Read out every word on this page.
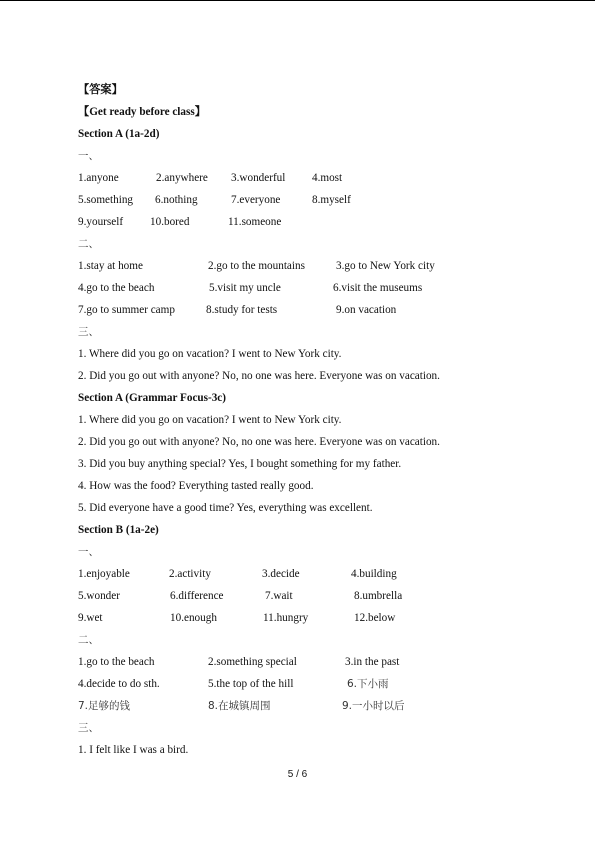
【答案】
【Get ready before class】
Section A (1a-2d)
一、
1.anyone	2.anywhere 3.wonderful 4.most
5.something 6.nothing	7.everyone	8.myself
9.yourself 10.bored	11.someone
二、
1.stay at home	2.go to the mountains	3.go to New York city
4.go to the beach	5.visit my uncle	6.visit the museums
7.go to summer camp	8.study for tests	9.on vacation
三、
1. Where did you go on vacation? I went to New York city.
2. Did you go out with anyone? No, no one was here. Everyone was on vacation.
Section A (Grammar Focus-3c)
1. Where did you go on vacation? I went to New York city.
2. Did you go out with anyone? No, no one was here. Everyone was on vacation.
3. Did you buy anything special? Yes, I bought something for my father.
4. How was the food? Everything tasted really good.
5. Did everyone have a good time? Yes, everything was excellent.
Section B (1a-2e)
一、
1.enjoyable	2.activity	3.decide	4.building
5.wonder	6.difference	7.wait	8.umbrella
9.wet	10.enough	11.hungry	12.below
二、
1.go to the beach	2.something special	3.in the past
4.decide to do sth.	5.the top of the hill	6.下小雨
7.足够的钱	8.在城镇周围	9.一小时以后
三、
1. I felt like I was a bird.
5 / 6
